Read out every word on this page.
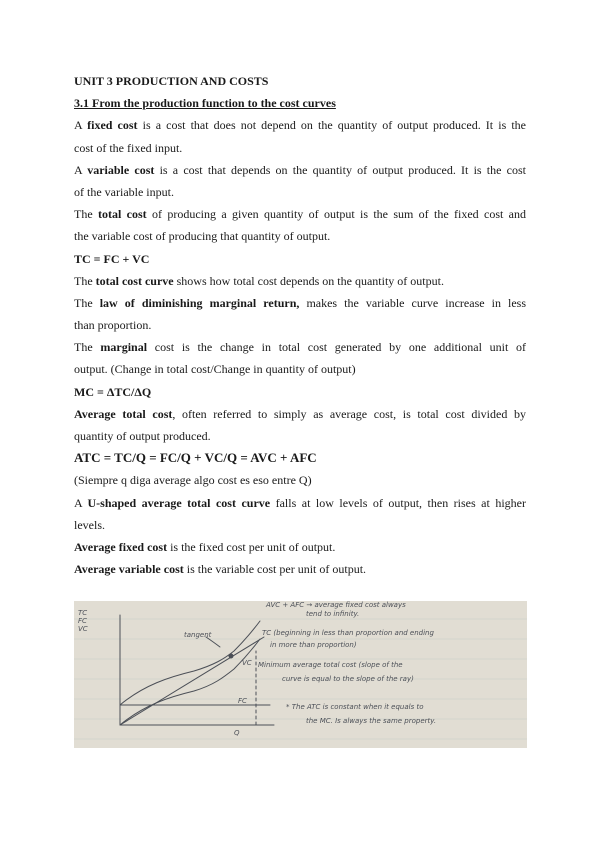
UNIT 3 PRODUCTION AND COSTS
3.1 From the production function to the cost curves
A fixed cost is a cost that does not depend on the quantity of output produced. It is the
cost of the fixed input.
A variable cost is a cost that depends on the quantity of output produced. It is the cost
of the variable input.
The total cost of producing a given quantity of output is the sum of the fixed cost and
the variable cost of producing that quantity of output.
TC = FC + VC
The total cost curve shows how total cost depends on the quantity of output.
The law of diminishing marginal return, makes the variable curve increase in less
than proportion.
The marginal cost is the change in total cost generated by one additional unit of
output. (Change in total cost/Change in quantity of output)
MC = ΔTC/ΔQ
Average total cost, often referred to simply as average cost, is total cost divided by
quantity of output produced.
ATC = TC/Q = FC/Q + VC/Q = AVC + AFC
(Siempre q diga average algo cost es eso entre Q)
A U-shaped average total cost curve falls at low levels of output, then rises at higher
levels.
Average fixed cost is the fixed cost per unit of output.
Average variable cost is the variable cost per unit of output.
TC
FC
VC
Q
tangent
FC
VC
AVC + AFC → average fixed cost always
tend to infinity.
TC (beginning in less than proportion and ending
in more than proportion)
Minimum average total cost (slope of the
curve is equal to the slope of the ray)
* The ATC is constant when it equals to
the MC. Is always the same property.
